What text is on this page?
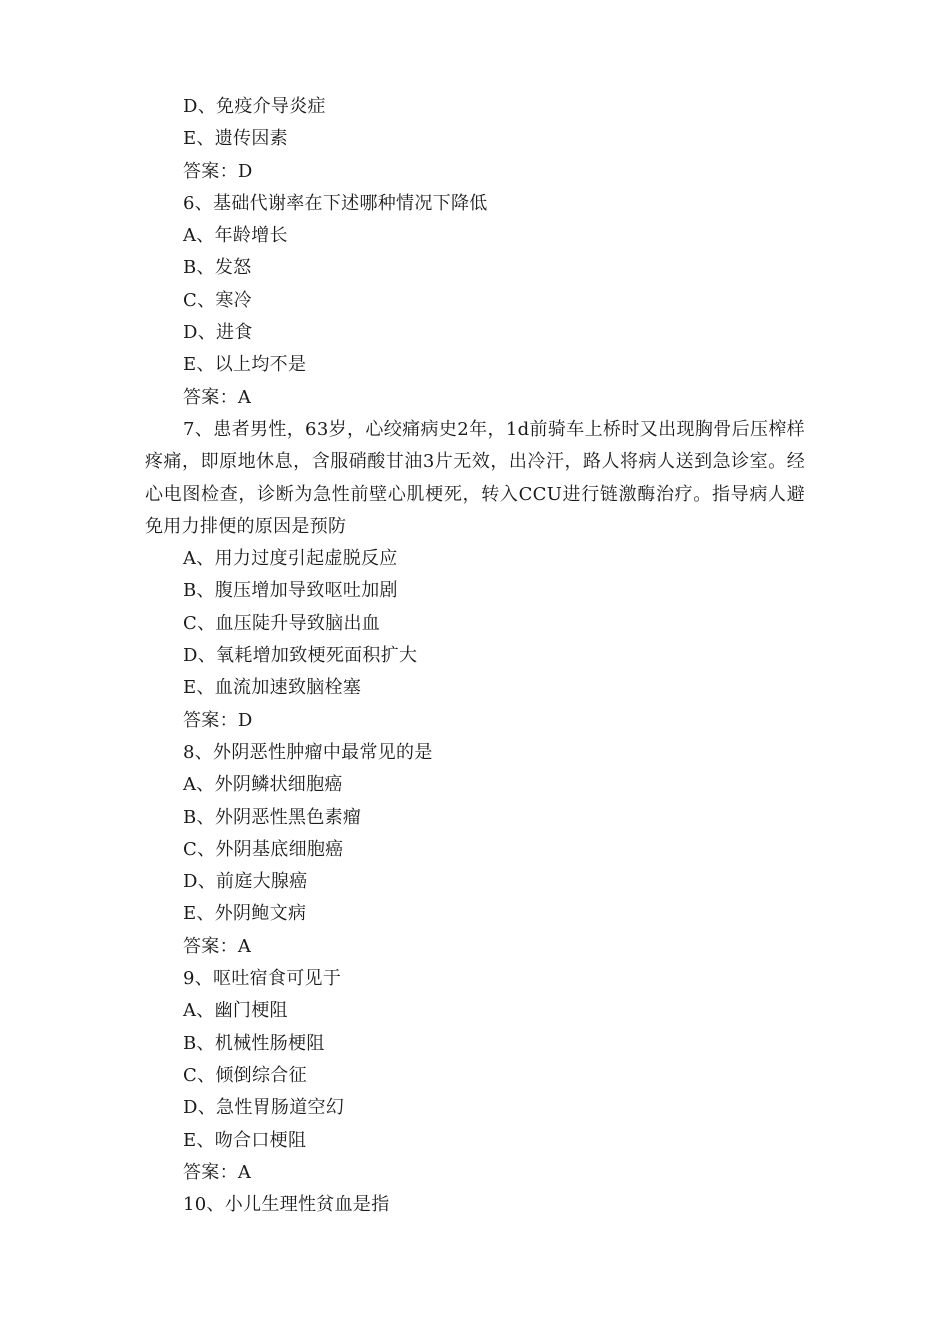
D、免疫介导炎症
E、遗传因素
答案：D
6、基础代谢率在下述哪种情况下降低
A、年龄增长
B、发怒
C、寒冷
D、进食
E、以上均不是
答案：A
7、患者男性，63岁，心绞痛病史2年，1d前骑车上桥时又出现胸骨后压榨样疼痛，即原地休息，含服硝酸甘油3片无效，出冷汗，路人将病人送到急诊室。经心电图检查，诊断为急性前壁心肌梗死，转入CCU进行链激酶治疗。指导病人避免用力排便的原因是预防
A、用力过度引起虚脱反应
B、腹压增加导致呕吐加剧
C、血压陡升导致脑出血
D、氧耗增加致梗死面积扩大
E、血流加速致脑栓塞
答案：D
8、外阴恶性肿瘤中最常见的是
A、外阴鳞状细胞癌
B、外阴恶性黑色素瘤
C、外阴基底细胞癌
D、前庭大腺癌
E、外阴鲍文病
答案：A
9、呕吐宿食可见于
A、幽门梗阻
B、机械性肠梗阻
C、倾倒综合征
D、急性胃肠道空幻
E、吻合口梗阻
答案：A
10、小儿生理性贫血是指
